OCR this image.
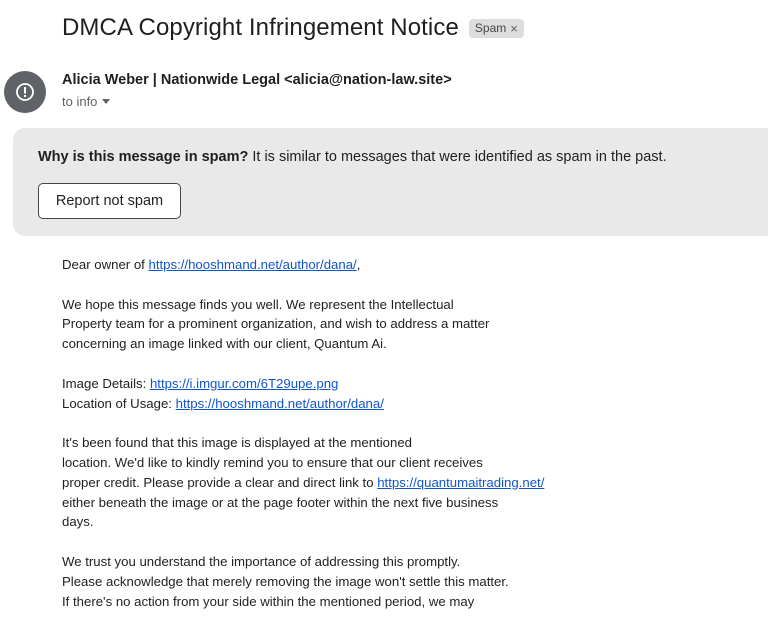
DMCA Copyright Infringement Notice Spam ×
Alicia Weber | Nationwide Legal <alicia@nation-law.site>
to info
Why is this message in spam? It is similar to messages that were identified as spam in the past.
Report not spam

Dear owner of https://hooshmand.net/author/dana/,

We hope this message finds you well. We represent the Intellectual
Property team for a prominent organization, and wish to address a matter
concerning an image linked with our client, Quantum Ai.

Image Details: https://i.imgur.com/6T29upe.png
Location of Usage: https://hooshmand.net/author/dana/

It's been found that this image is displayed at the mentioned
location. We'd like to kindly remind you to ensure that our client receives
proper credit. Please provide a clear and direct link to https://quantumaitrading.net/
either beneath the image or at the page footer within the next five business
days.

We trust you understand the importance of addressing this promptly.
Please acknowledge that merely removing the image won't settle this matter.
If there's no action from your side within the mentioned period, we may
